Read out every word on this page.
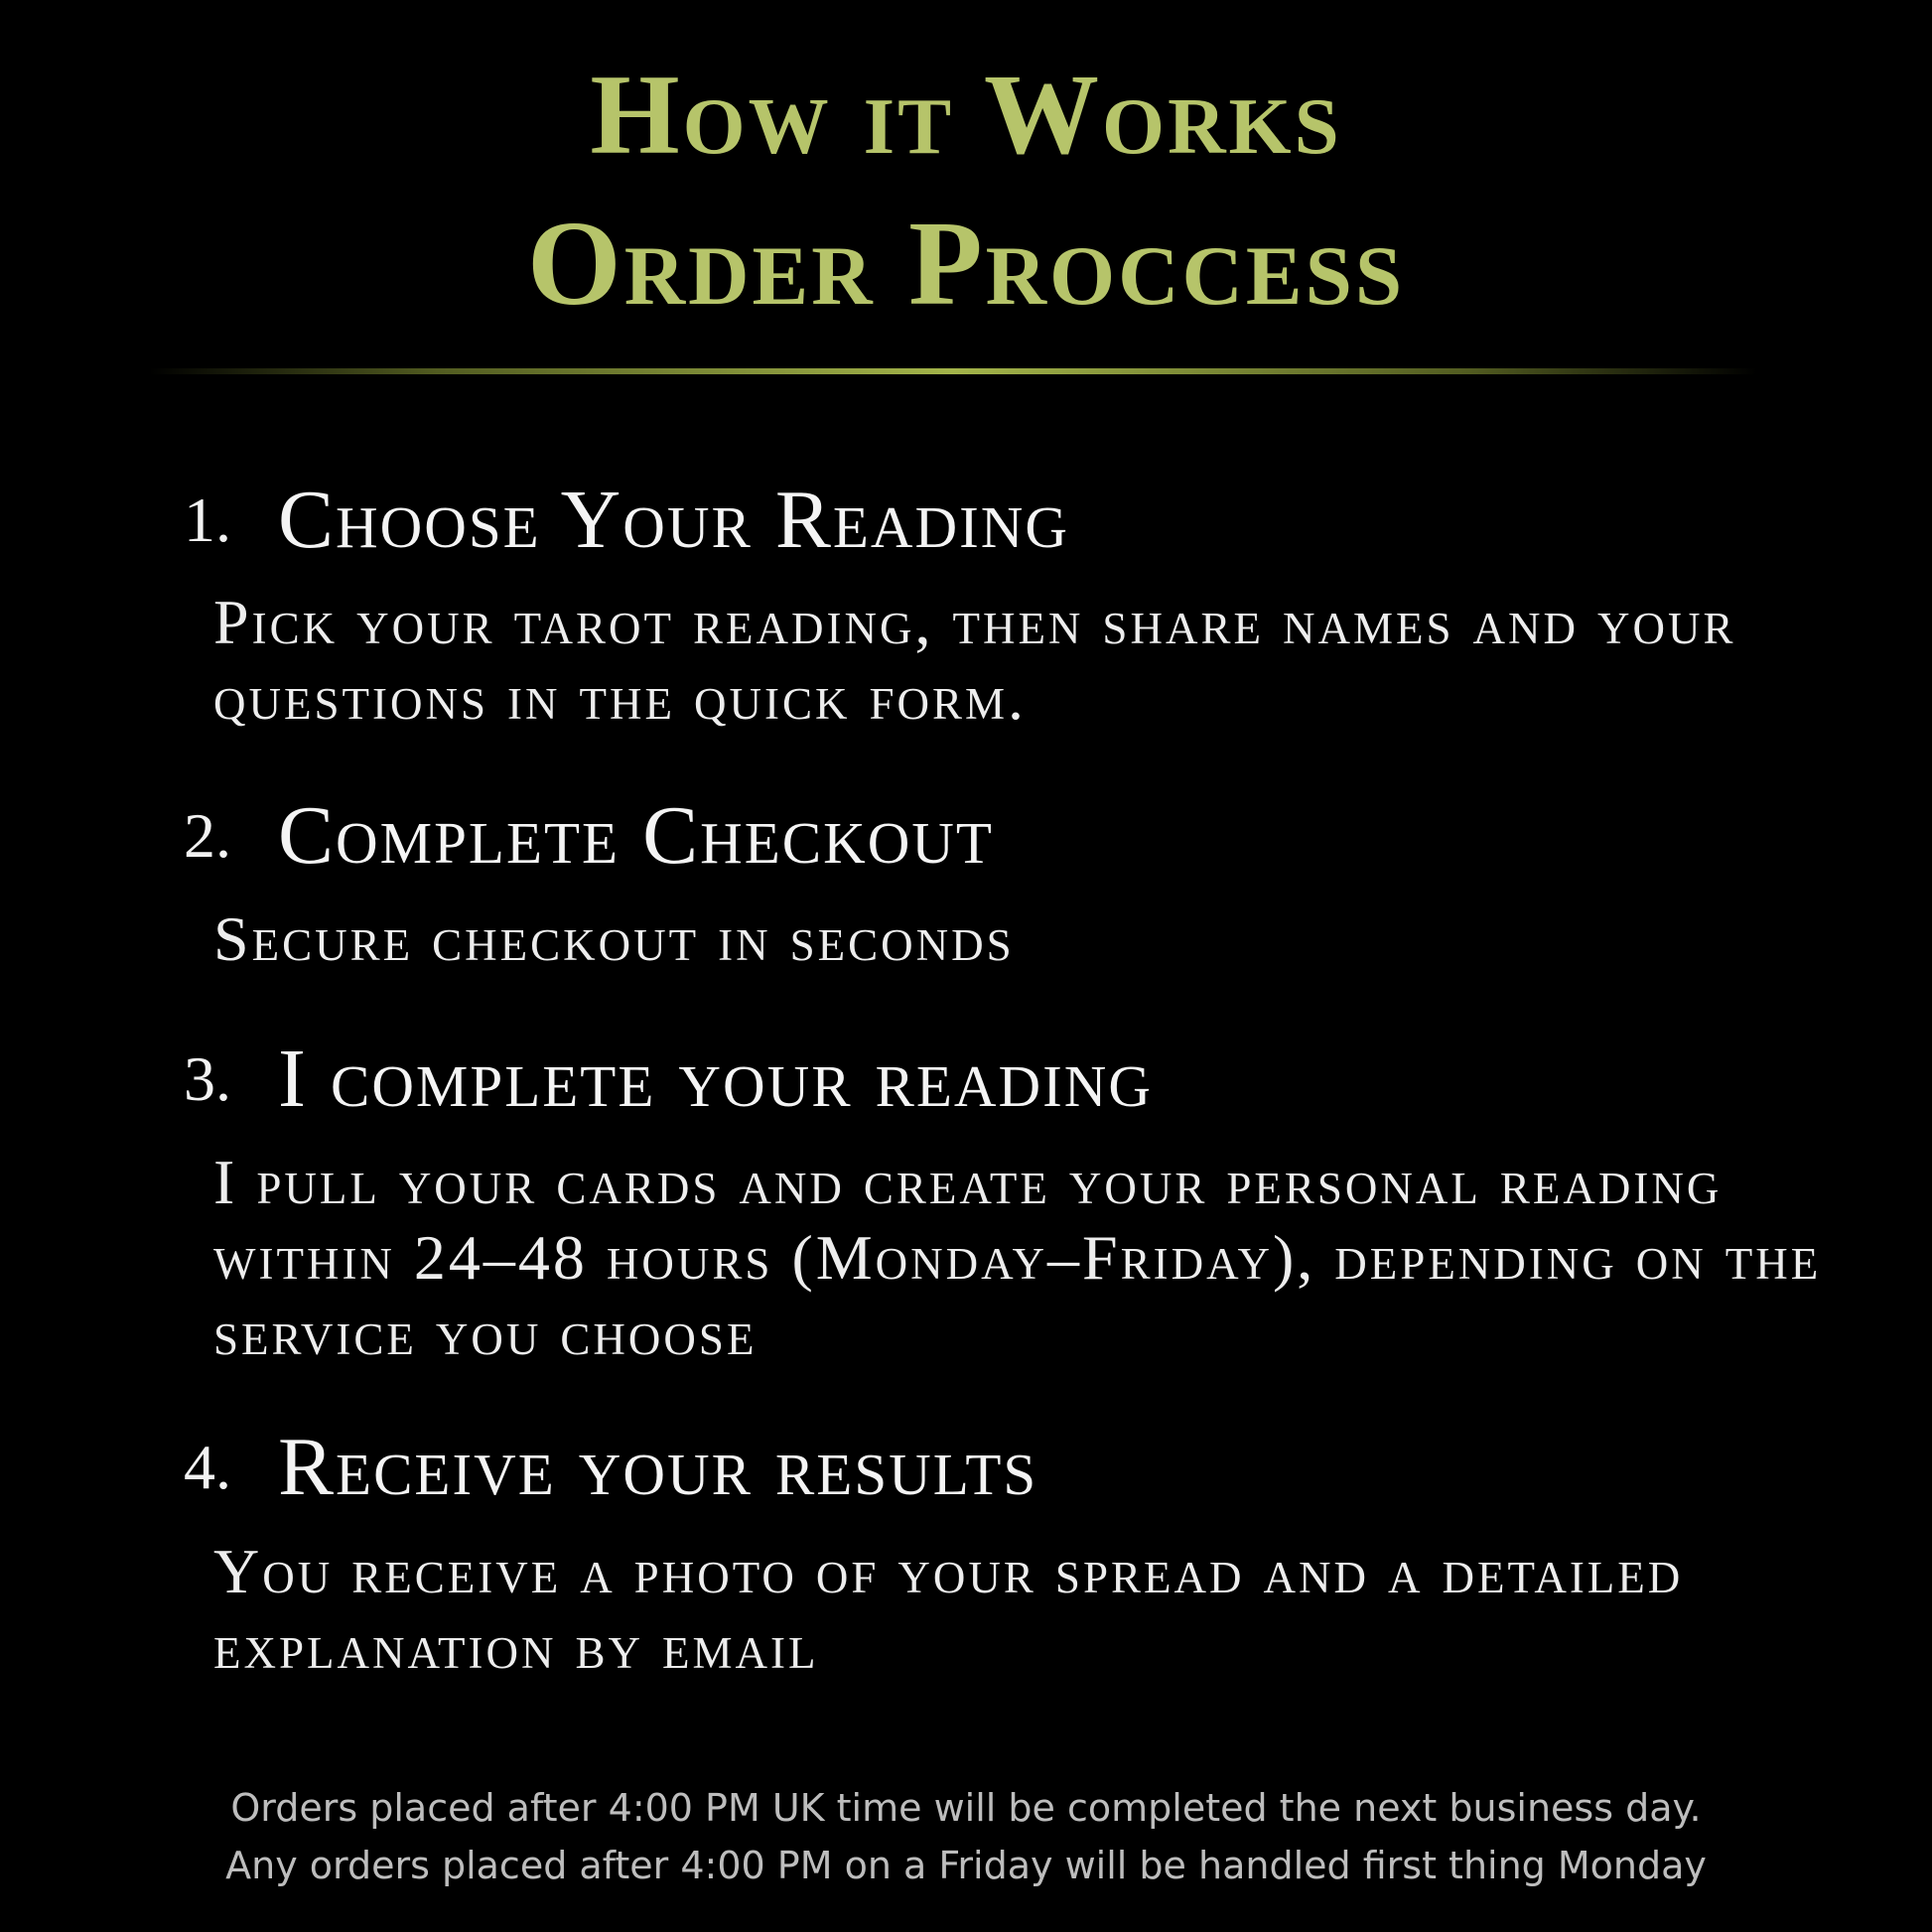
How it Works
Order Proccess
1. Choose Your Reading

Pick your tarot reading, then share names and your questions in the quick form.

2. Complete Checkout

Secure checkout in seconds

3. I complete your reading

I pull your cards and create your personal reading within 24–48 hours (Monday–Friday), depending on the service you choose

4. Receive your results

You receive a photo of your spread and a detailed explanation by email

Orders placed after 4:00 PM UK time will be completed the next business day.
Any orders placed after 4:00 PM on a Friday will be handled first thing Monday
